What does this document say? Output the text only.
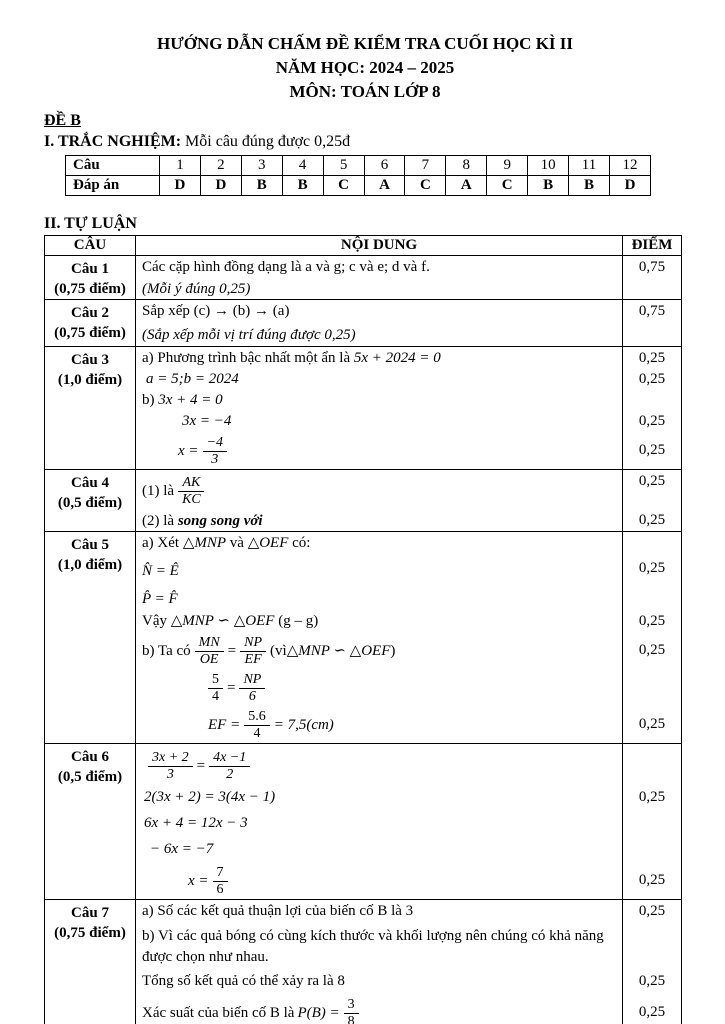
HƯỚNG DẪN CHẤM ĐỀ KIỂM TRA CUỐI HỌC KÌ II
NĂM HỌC: 2024 – 2025
MÔN: TOÁN LỚP 8
ĐỀ B
I. TRẮC NGHIỆM: Mỗi câu đúng được 0,25đ
Câu	1	2	3	4	5	6	7	8	9	10	11	12
Đáp án	D	D	B	B	C	A	C	A	C	B	B	D
II. TỰ LUẬN
CÂU	NỘI DUNG	ĐIỂM
Câu 1
(0,75 điểm)
Các cặp hình đồng dạng là a và g; c và e; d và f.	0,75
(Mỗi ý đúng 0,25)
Câu 2
(0,75 điểm)
Sắp xếp (c) → (b) → (a)	0,75
(Sắp xếp mỗi vị trí đúng được 0,25)
Câu 3
(1,0 điểm)
a) Phương trình bậc nhất một ẩn là 5x + 2024 = 0	0,25
a = 5;b = 2024	0,25
b) 3x + 4 = 0
3x = −4	0,25
$x = \frac{-4}{3}$	0,25
Câu 4
(0,5 điểm)
(1) là $\frac{AK}{KC}$	0,25
(2) là song song với	0,25
Câu 5
(1,0 điểm)
a) Xét △MNP và △OEF có:
N̂ = Ê	0,25
P̂ = F̂
Vậy △MNP ∽ △OEF (g – g)	0,25
b) Ta có $\frac{MN}{OE} = \frac{NP}{EF}$ (vì △MNP ∽ △OEF )	0,25
$\frac{5}{4} = \frac{NP}{6}$
EF = $\frac{5.6}{4} = 7,5(cm)$	0,25
Câu 6
(0,5 điểm)	$\frac{3x + 2}{3} = \frac{4x -1}{2}$
2(3x + 2) = 3(4x − 1)	0,25
6x + 4 = 12x − 3
− 6x = −7
$x = \frac{7}{6}$	0,25
Câu 7
(0,75 điểm)
a) Số các kết quả thuận lợi của biến cố B là 3	0,25
b) Vì các quả bóng có cùng kích thước và khối lượng nên chúng có khả năng được chọn như nhau.
Tổng số kết quả có thể xảy ra là 8	0,25
Xác suất của biến cố B là $P(B) = \frac{3}{8}$	0,25
